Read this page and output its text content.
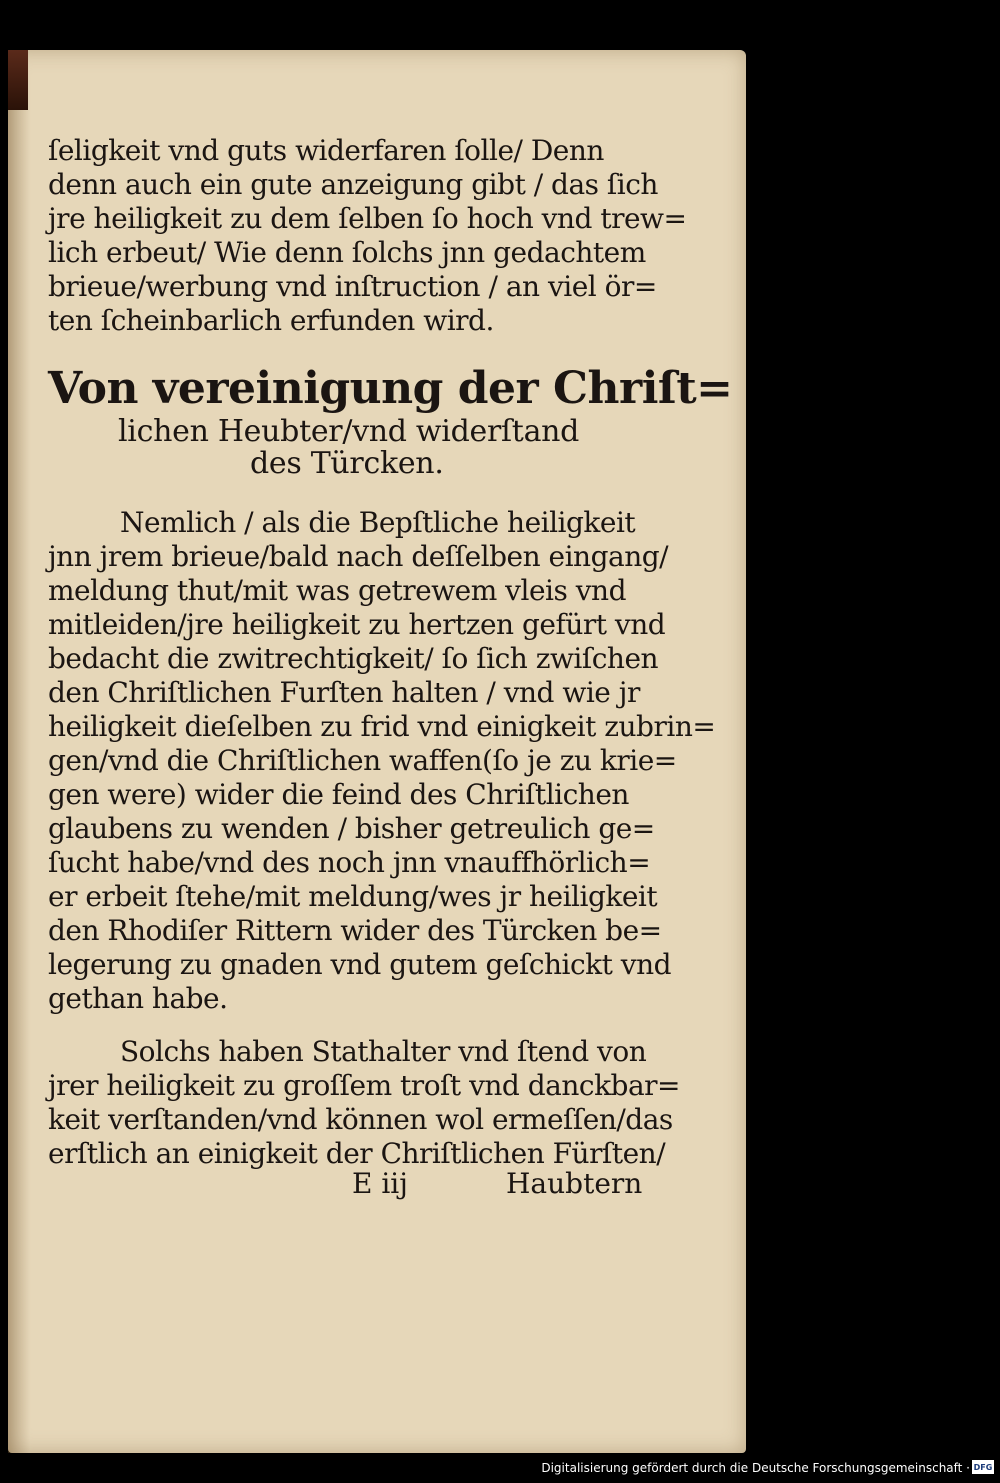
ſeligkeit vnd guts widerfaren ſolle/ Denn
denn auch ein gute anzeigung gibt / das ſich
jre heiligkeit zu dem ſelben ſo hoch vnd trew=
lich erbeut/ Wie denn ſolchs jnn gedachtem
brieue/werbung vnd inſtruction / an viel ör=
ten ſcheinbarlich erfunden wird.
Von vereinigung der Chriſt=
lichen Heubter/vnd widerſtand
des Türcken.
Nemlich / als die Bepſtliche heiligkeit
jnn jrem brieue/bald nach deſſelben eingang/
meldung thut/mit was getrewem vleis vnd
mitleiden/jre heiligkeit zu hertzen gefürt vnd
bedacht die zwitrechtigkeit/ ſo ſich zwiſchen
den Chriſtlichen Furſten halten / vnd wie jr
heiligkeit dieſelben zu frid vnd einigkeit zubrin=
gen/vnd die Chriſtlichen waffen(ſo je zu krie=
gen were) wider die feind des Chriſtlichen
glaubens zu wenden / bisher getreulich ge=
ſucht habe/vnd des noch jnn vnauffhörlich=
er erbeit ſtehe/mit meldung/wes jr heiligkeit
den Rhodiſer Rittern wider des Türcken be=
legerung zu gnaden vnd gutem geſchickt vnd
gethan habe.
Solchs haben Stathalter vnd ſtend von
jrer heiligkeit zu groſſem troſt vnd danckbar=
keit verſtanden/vnd können wol ermeſſen/das
erſtlich an einigkeit der Chriſtlichen Fürſten/
E iij	Haubtern
Digitalisierung gefördert durch die Deutsche Forschungsgemeinschaft · DFG
